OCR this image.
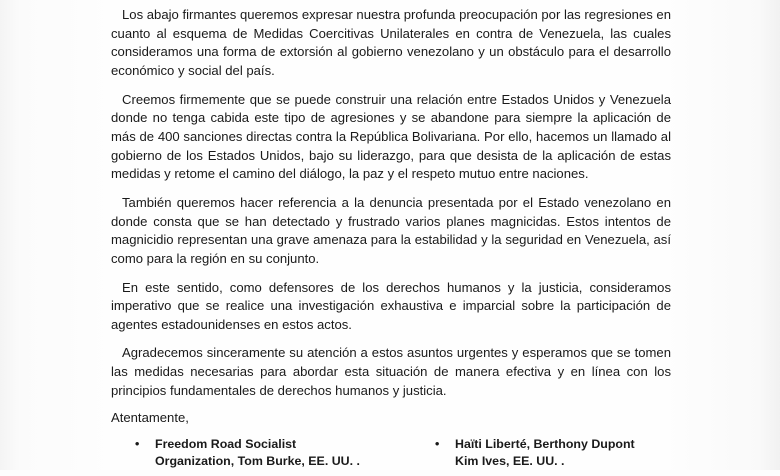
Los abajo firmantes queremos expresar nuestra profunda preocupación por las regresiones en cuanto al esquema de Medidas Coercitivas Unilaterales en contra de Venezuela, las cuales consideramos una forma de extorsión al gobierno venezolano y un obstáculo para el desarrollo económico y social del país.

Creemos firmemente que se puede construir una relación entre Estados Unidos y Venezuela donde no tenga cabida este tipo de agresiones y se abandone para siempre la aplicación de más de 400 sanciones directas contra la República Bolivariana. Por ello, hacemos un llamado al gobierno de los Estados Unidos, bajo su liderazgo, para que desista de la aplicación de estas medidas y retome el camino del diálogo, la paz y el respeto mutuo entre naciones.

También queremos hacer referencia a la denuncia presentada por el Estado venezolano en donde consta que se han detectado y frustrado varios planes magnicidas. Estos intentos de magnicidio representan una grave amenaza para la estabilidad y la seguridad en Venezuela, así como para la región en su conjunto.

En este sentido, como defensores de los derechos humanos y la justicia, consideramos imperativo que se realice una investigación exhaustiva e imparcial sobre la participación de agentes estadounidenses en estos actos.

Agradecemos sinceramente su atención a estos asuntos urgentes y esperamos que se tomen las medidas necesarias para abordar esta situación de manera efectiva y en línea con los principios fundamentales de derechos humanos y justicia.

Atentamente,

•	Freedom Road Socialist Organization, Tom Burke, EE. UU. .
•	Haïti Liberté, Berthony Dupont Kim Ives, EE. UU. .
